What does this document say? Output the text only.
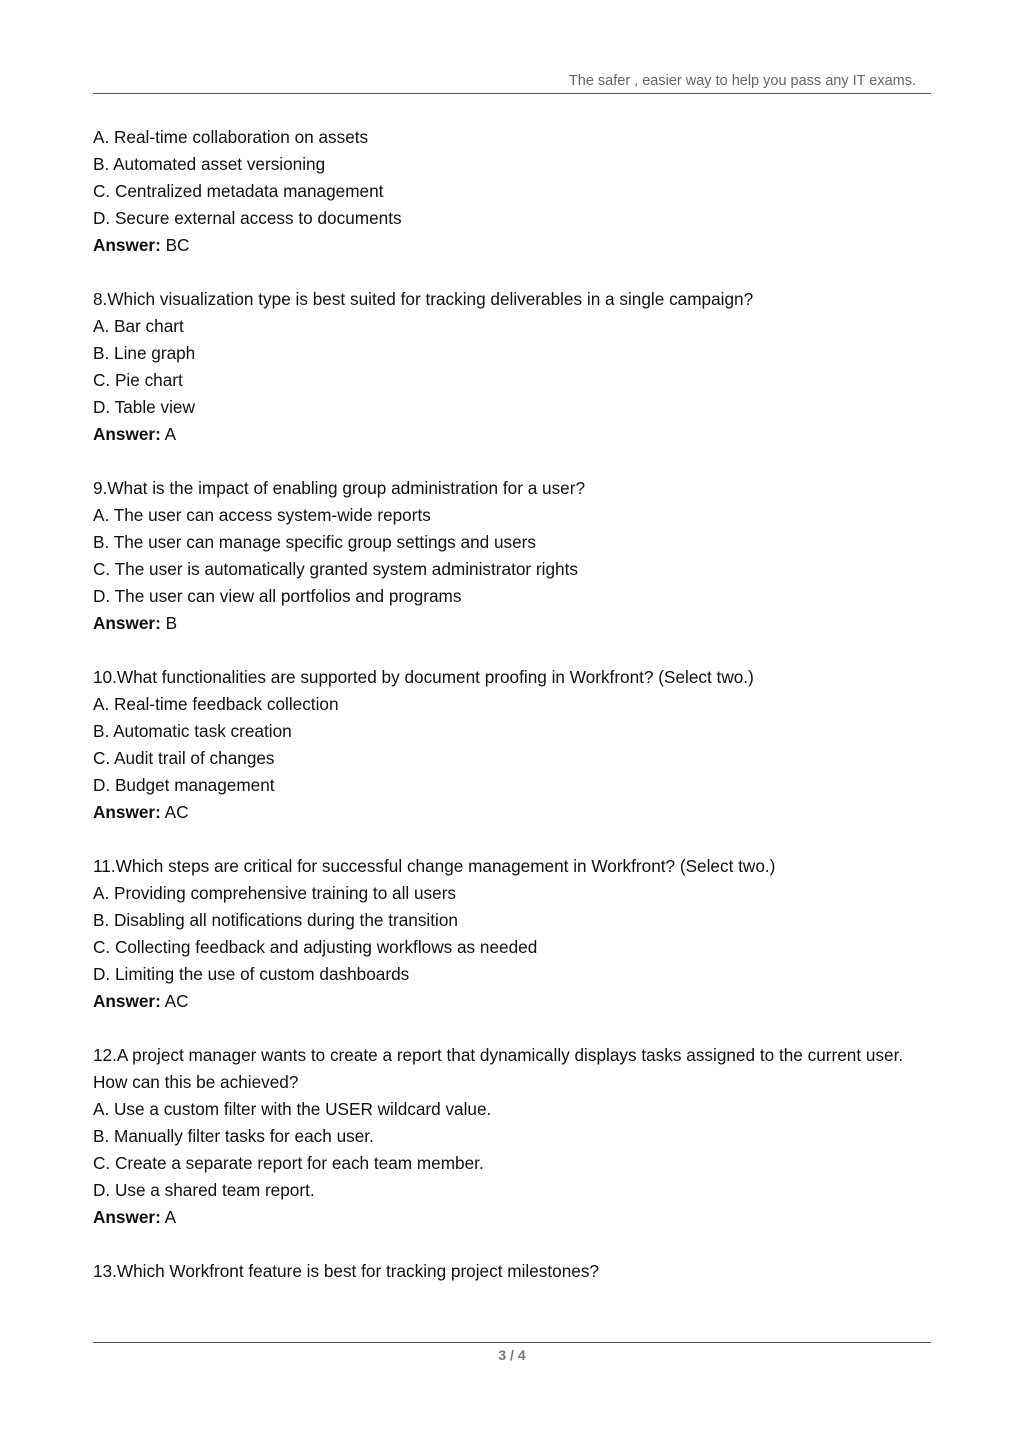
The safer , easier way to help you pass any IT exams.
A. Real-time collaboration on assets
B. Automated asset versioning
C. Centralized metadata management
D. Secure external access to documents
Answer: BC
8.Which visualization type is best suited for tracking deliverables in a single campaign?
A. Bar chart
B. Line graph
C. Pie chart
D. Table view
Answer: A
9.What is the impact of enabling group administration for a user?
A. The user can access system-wide reports
B. The user can manage specific group settings and users
C. The user is automatically granted system administrator rights
D. The user can view all portfolios and programs
Answer: B
10.What functionalities are supported by document proofing in Workfront? (Select two.)
A. Real-time feedback collection
B. Automatic task creation
C. Audit trail of changes
D. Budget management
Answer: AC
11.Which steps are critical for successful change management in Workfront? (Select two.)
A. Providing comprehensive training to all users
B. Disabling all notifications during the transition
C. Collecting feedback and adjusting workflows as needed
D. Limiting the use of custom dashboards
Answer: AC
12.A project manager wants to create a report that dynamically displays tasks assigned to the current user.
How can this be achieved?
A. Use a custom filter with the USER wildcard value.
B. Manually filter tasks for each user.
C. Create a separate report for each team member.
D. Use a shared team report.
Answer: A
13.Which Workfront feature is best for tracking project milestones?
3 / 4
